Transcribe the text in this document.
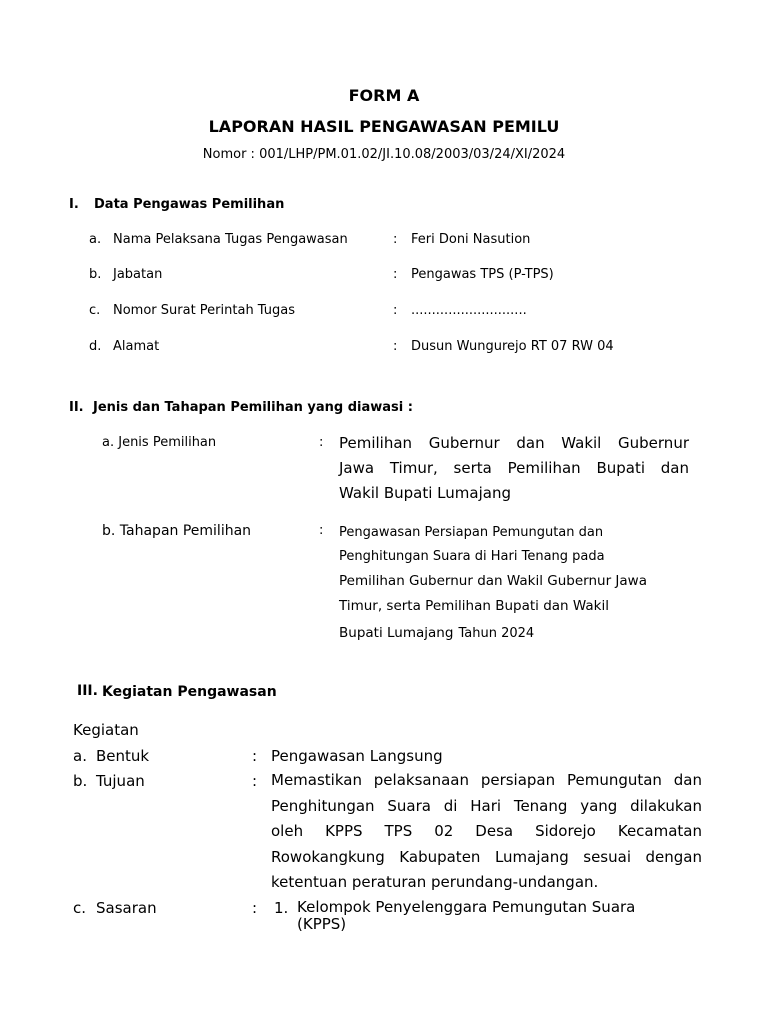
FORM A
LAPORAN HASIL PENGAWASAN PEMILU
Nomor : 001/LHP/PM.01.02/JI.10.08/2003/03/24/XI/2024
I. Data Pengawas Pemilihan
a. Nama Pelaksana Tugas Pengawasan	: Feri Doni Nasution
b. Jabatan	: Pengawas TPS (P-TPS)
c. Nomor Surat Perintah Tugas	: ............................
d. Alamat	: Dusun Wungurejo RT 07 RW 04
II. Jenis dan Tahapan Pemilihan yang diawasi :
a. Jenis Pemilihan	: Pemilihan Gubernur dan Wakil Gubernur
Jawa Timur, serta Pemilihan Bupati dan
Wakil Bupati Lumajang
b. Tahapan Pemilihan	: Pengawasan Persiapan Pemungutan dan
Penghitungan Suara di Hari Tenang pada
Pemilihan Gubernur dan Wakil Gubernur Jawa
Timur, serta Pemilihan Bupati dan Wakil
Bupati Lumajang Tahun 2024
III. Kegiatan Pengawasan
Kegiatan
a. Bentuk	: Pengawasan Langsung
b. Tujuan	: Memastikan pelaksanaan persiapan Pemungutan dan
Penghitungan Suara di Hari Tenang yang dilakukan
oleh KPPS TPS 02 Desa Sidorejo Kecamatan
Rowokangkung Kabupaten Lumajang sesuai dengan
ketentuan peraturan perundang-undangan.
c. Sasaran	: 1. Kelompok Penyelenggara Pemungutan Suara
(KPPS)
